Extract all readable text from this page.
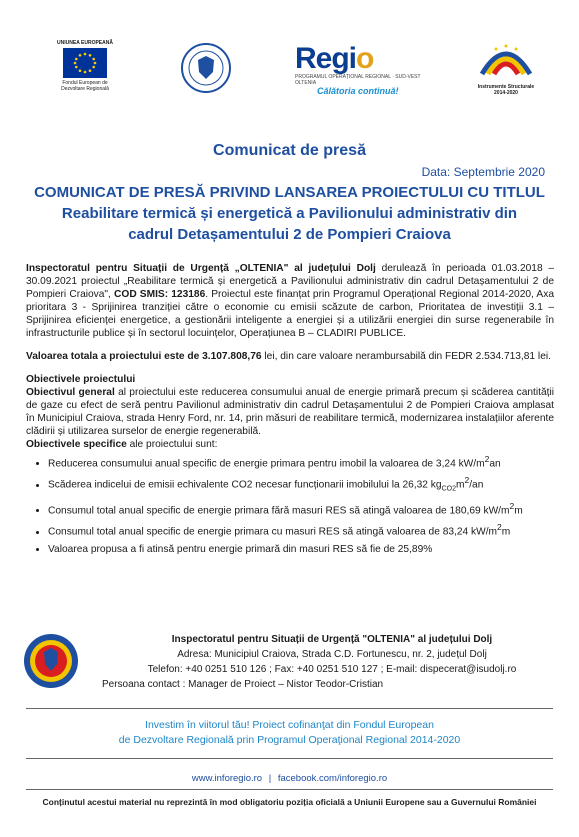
UNIUNEA EUROPEANĂ
Fondul European de Dezvoltare Regională
Regio
PROGRAMUL OPERAȚIONAL REGIONAL · SUD-VEST OLTENIA
Călătoria continuă!	Instrumente Structurale
2014-2020
Comunicat de presă
Data: Septembrie 2020
COMUNICAT DE PRESĂ PRIVIND LANSAREA PROIECTULUI CU TITLUL
Reabilitare termică și energetică a Pavilionului administrativ din
cadrul Detașamentului 2 de Pompieri Craiova

Inspectoratul pentru Situații de Urgență „OLTENIA" al județului Dolj derulează în perioada 01.03.2018 – 30.09.2021 proiectul „Reabilitare termică și energetică a Pavilionului administrativ din cadrul Detașamentului 2 de Pompieri Craiova", COD SMIS: 123186. Proiectul este finanțat prin Programul Operațional Regional 2014-2020, Axa prioritara 3 - Sprijinirea tranziției către o economie cu emisii scăzute de carbon, Prioritatea de investiții 3.1 – Sprijinirea eficienței energetice, a gestionării inteligente a energiei și a utilizării energiei din surse regenerabile în infrastructurile publice și în sectorul locuințelor, Operațiunea B – CLADIRI PUBLICE.

Valoarea totala a proiectului este de 3.107.808,76 lei, din care valoare nerambursabilă din FEDR 2.534.713,81 lei.

Obiectivele proiectului

Obiectivul general al proiectului este reducerea consumului anual de energie primară precum și scăderea cantității de gaze cu efect de seră pentru Pavilionul administrativ din cadrul Detașamentului 2 de Pompieri Craiova amplasat în Municipiul Craiova, strada Henry Ford, nr. 14, prin măsuri de reabilitare termică, modernizarea instalațiilor aferente clădirii și utilizarea surselor de energie regenerabilă.

Obiectivele specifice ale proiectului sunt:

• Reducerea consumului anual specific de energie primara pentru imobil la valoarea de 3,24 $kW/m^2an$
• Scăderea indicelui de emisii echivalente CO2 necesar funcționarii imobilului la 26,32 $kg_{CO2}m^2/an$
• Consumul total anual specific de energie primara fără masuri RES să atingă valoarea de 180,69 $kW/m^2m$
• Consumul total anual specific de energie primara cu masuri RES să atingă valoarea de 83,24 $kW/m^2m$
• Valoarea propusa a fi atinsă pentru energie primară din masuri RES să fie de 25,89%
Inspectoratul pentru Situații de Urgență "OLTENIA" al județului Dolj
Adresa: Municipiul Craiova, Strada C.D. Fortunescu, nr. 2, județul Dolj
Telefon: +40 0251 510 126 ; Fax: +40 0251 510 127 ; E-mail: dispecerat@isudolj.ro
Persoana contact : Manager de Proiect – Nistor Teodor-Cristian
Investim în viitorul tău! Proiect cofinanţat din Fondul European
de Dezvoltare Regională prin Programul Operaţional Regional 2014-2020
www.inforegio.ro | facebook.com/inforegio.ro
Conținutul acestui material nu reprezintă în mod obligatoriu poziția oficială a Uniunii Europene sau a Guvernului României
